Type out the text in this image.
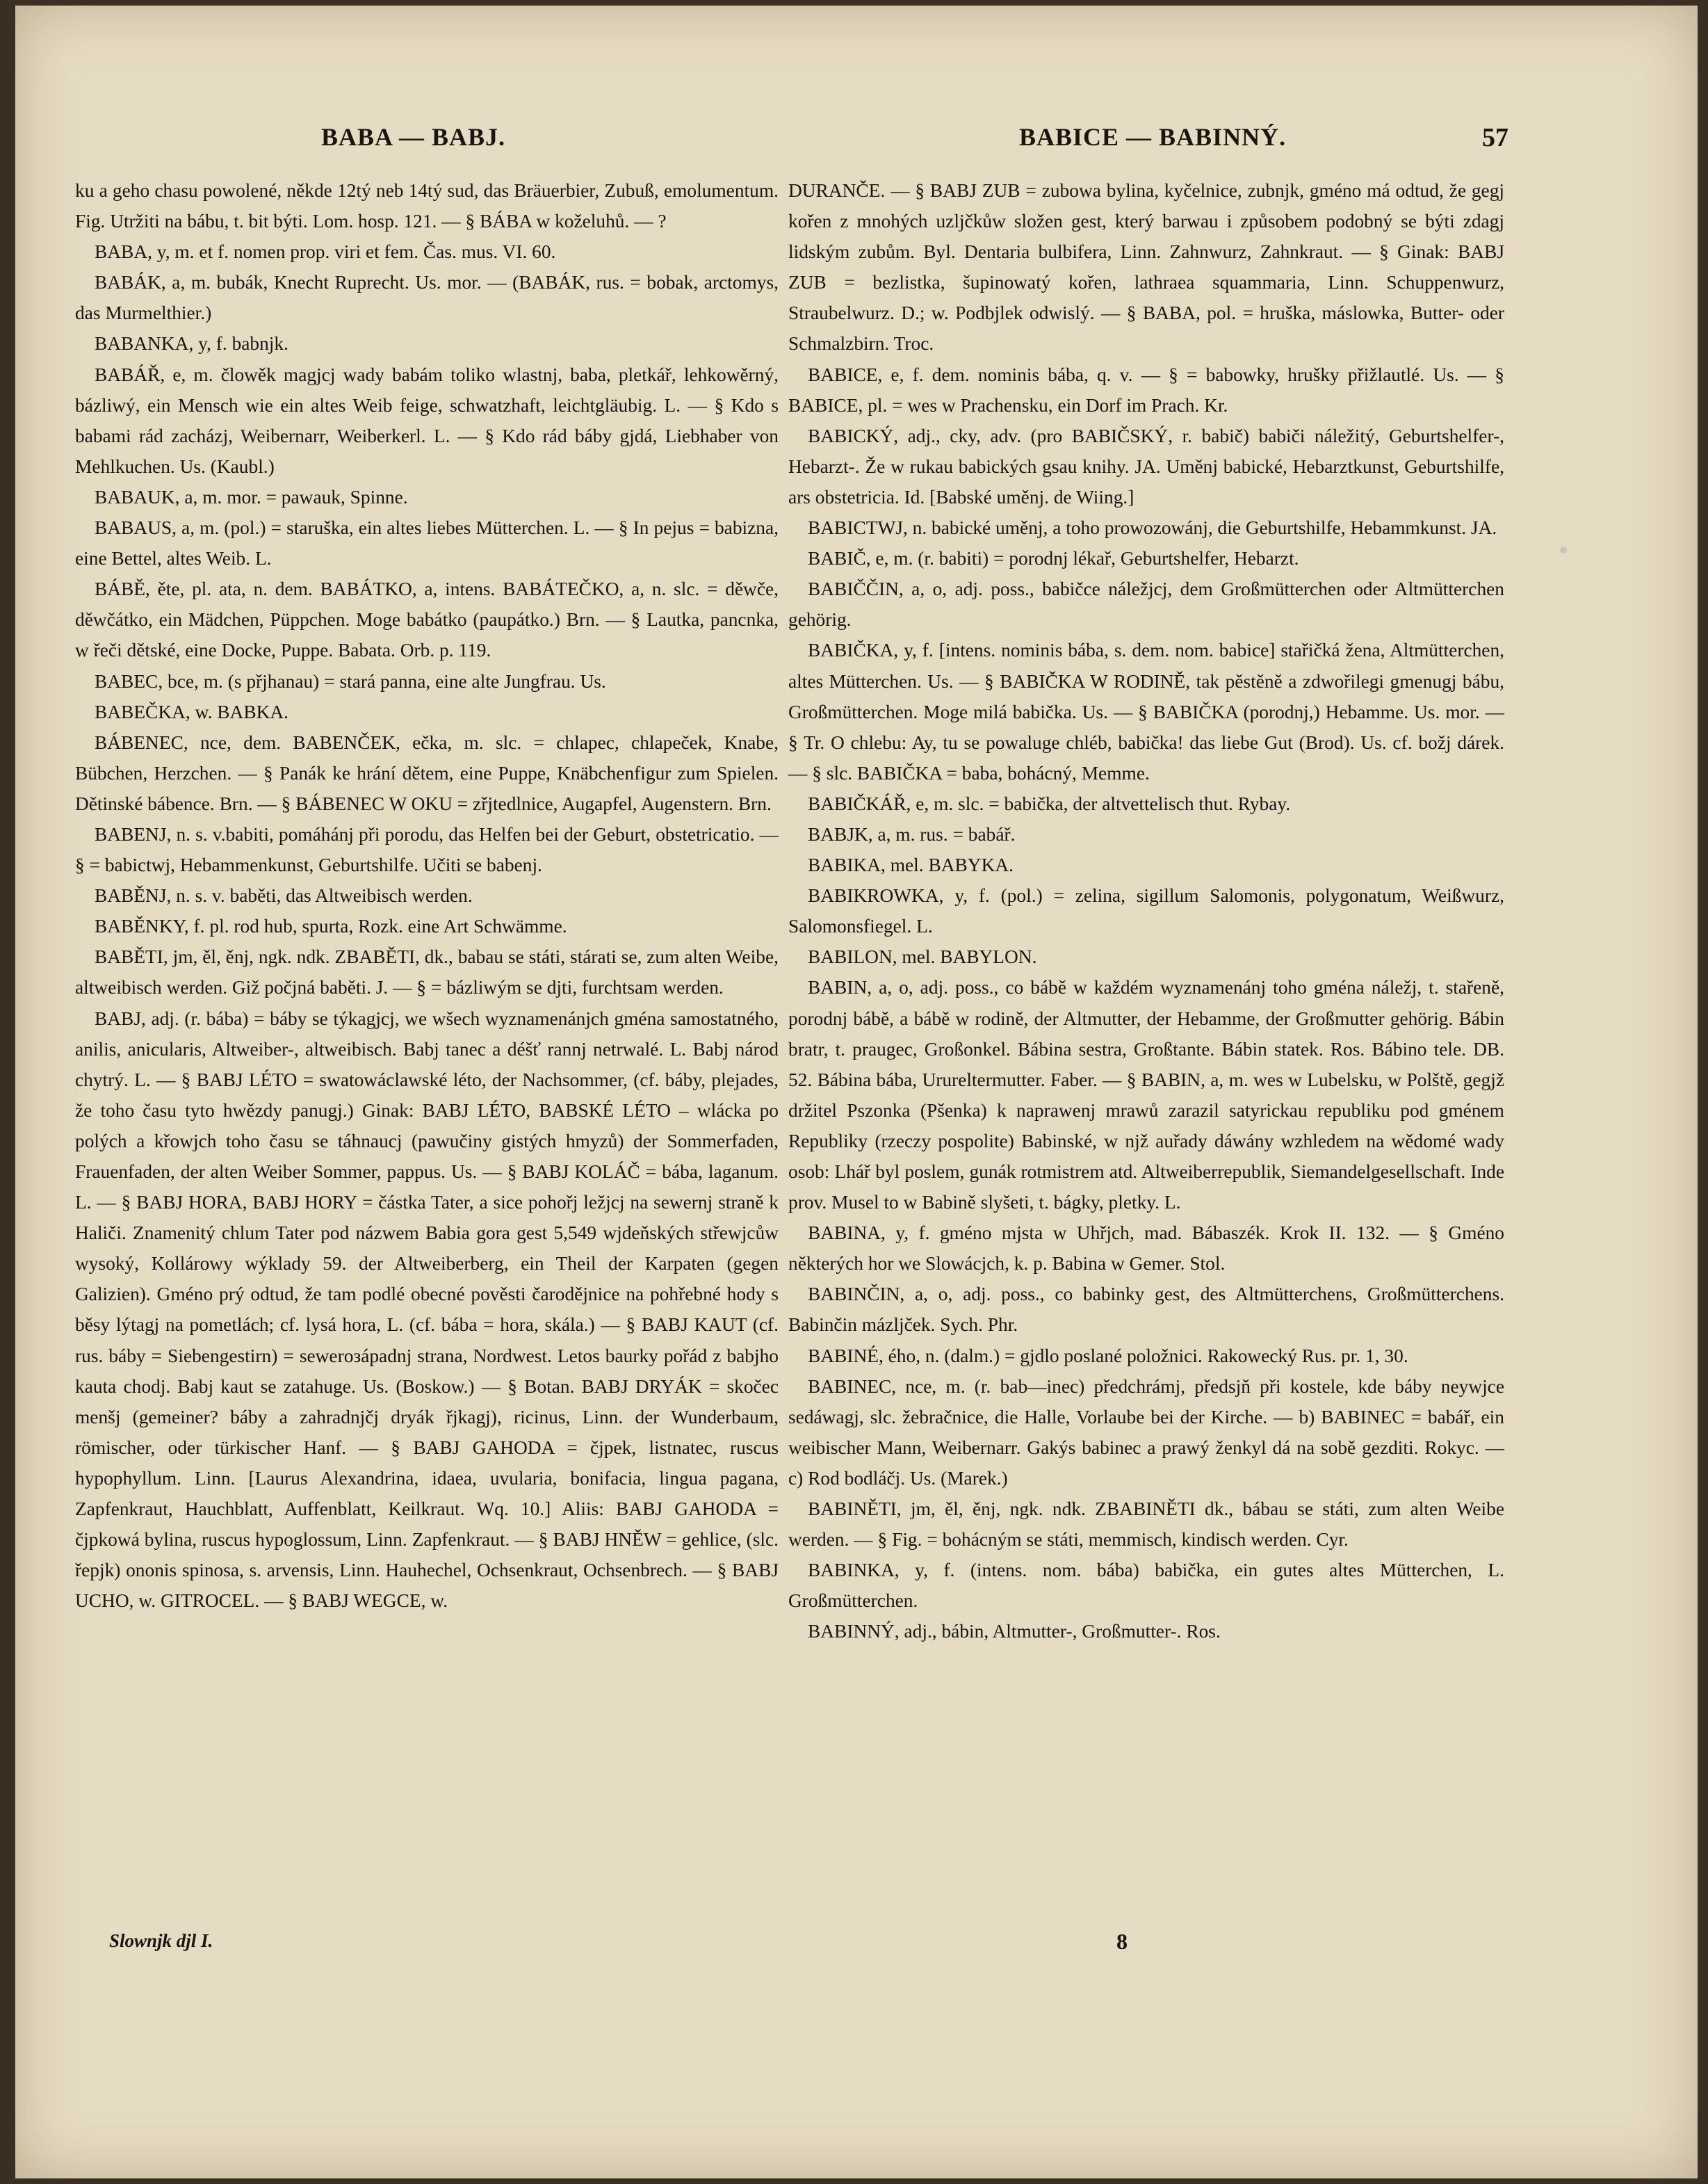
BABA — BABJ.	BABICE — BABINNÝ.	57

ku a geho chasu powolené, někde 12tý neb 14tý sud, das Bräuerbier, Zubuß, emolumentum. Fig. Utržiti na bábu, t. bit býti. Lom. hosp. 121. — § BÁBA w koželuhů. — ?

BABA, y, m. et f. nomen prop. viri et fem. Čas. mus. VI. 60.

BABÁK, a, m. bubák, Knecht Ruprecht. Us. mor. — (BABÁK, rus. = bobak, arctomys, das Murmelthier.)

BABANKA, y, f. babnjk.

BABÁŘ, e, m. člowěk magjcj wady babám toliko wlastnj, baba, pletkář, lehkowěrný, bázliwý, ein Mensch wie ein altes Weib feige, schwatzhaft, leichtgläubig. L. — § Kdo s babami rád zacházj, Weibernarr, Weiberkerl. L. — § Kdo rád báby gjdá, Liebhaber von Mehlkuchen. Us. (Kaubl.)

BABAUK, a, m. mor. = pawauk, Spinne.

BABAUS, a, m. (pol.) = staruška, ein altes liebes Mütterchen. L. — § In pejus = babizna, eine Bettel, altes Weib. L.

BÁBĚ, ěte, pl. ata, n. dem. BABÁTKO, a, intens. BABÁTEČKO, a, n. slc. = děwče, děwčátko, ein Mädchen, Püppchen. Moge babátko (paupátko.) Brn. — § Lautka, pancnka, w řeči dětské, eine Docke, Puppe. Babata. Orb. p. 119.

BABEC, bce, m. (s přjhanau) = stará panna, eine alte Jungfrau. Us.

BABEČKA, w. BABKA.

BÁBENEC, nce, dem. BABENČEK, ečka, m. slc. = chlapec, chlapeček, Knabe, Bübchen, Herzchen. — § Panák ke hrání dětem, eine Puppe, Knäbchenfigur zum Spielen. Dětinské bábence. Brn. — § BÁBENEC W OKU = zřjtedlnice, Augapfel, Augenstern. Brn.

BABENJ, n. s. v.babiti, pomáhánj při porodu, das Helfen bei der Geburt, obstetricatio. — § = babictwj, Hebammenkunst, Geburtshilfe. Učiti se babenj.

BABĚNJ, n. s. v. baběti, das Altweibisch werden.

BABĚNKY, f. pl. rod hub, spurta, Rozk. eine Art Schwämme.

BABĚTI, jm, ěl, ěnj, ngk. ndk. ZBABĚTI, dk., babau se státi, stárati se, zum alten Weibe, altweibisch werden. Giž počjná baběti. J. — § = bázliwým se djti, furchtsam werden.

BABJ, adj. (r. bába) = báby se týkagjcj, we wšech wyznamenánjch gména samostatného, anilis, anicularis, Altweiber-, altweibisch. Babj tanec a déšť rannj netrwalé. L. Babj národ chytrý. L. — § BABJ LÉTO = swatowáclawské léto, der Nachsommer, (cf. báby, plejades, že toho času tyto hwězdy panugj.) Ginak: BABJ LÉTO, BABSKÉ LÉTO – wlácka po polých a křowjch toho času se táhnaucj (pawučiny gistých hmyzů) der Sommerfaden, Frauenfaden, der alten Weiber Sommer, pappus. Us. — § BABJ KOLÁČ = bába, laganum. L. — § BABJ HORA, BABJ HORY = částka Tater, a sice pohořj ležjcj na sewernj straně k Haliči. Znamenitý chlum Tater pod názwem Babia gora gest 5,549 wjdeňských střewjcůw wysoký, Kollárowy wýklady 59. der Altweiberberg, ein Theil der Karpaten (gegen Galizien). Gméno prý odtud, že tam podlé obecné pověsti čarodějnice na pohřebné hody s běsy lýtagj na pometlách; cf. lysá hora, L. (cf. bába = hora, skála.) — § BABJ KAUT (cf. rus. báby = Siebengestirn) = seweroзápadnj strana, Nordwest. Letos baurky pořád z babjho kauta chodj. Babj kaut se zatahuge. Us. (Boskow.) — § Botan. BABJ DRYÁK = skočec menšj (gemeiner? báby a zahradnjčj dryák řjkagj), ricinus, Linn. der Wunderbaum, römischer, oder türkischer Hanf. — § BABJ GAHODA = čjpek, listnatec, ruscus hypophyllum. Linn. [Laurus Alexandrina, idaea, uvularia, bonifacia, lingua pagana, Zapfenkraut, Hauchblatt, Auffenblatt, Keilkraut. Wq. 10.] Aliis: BABJ GAHODA = čjpkowá bylina, ruscus hypoglossum, Linn. Zapfenkraut. — § BABJ HNĚW = gehlice, (slc. řepjk) ononis spinosa, s. arvensis, Linn. Hauhechel, Ochsenkraut, Ochsenbrech. — § BABJ UCHO, w. GITROCEL. — § BABJ WEGCE, w.

DURANČE. — § BABJ ZUB = zubowa bylina, kyčelnice, zubnjk, gméno má odtud, že gegj kořen z mnohých uzljčkůw složen gest, který barwau i způsobem podobný se býti zdagj lidským zubům. Byl. Dentaria bulbifera, Linn. Zahnwurz, Zahnkraut. — § Ginak: BABJ ZUB = bezlistka, šupinowatý kořen, lathraea squammaria, Linn. Schuppenwurz, Straubelwurz. D.; w. Podbjlek odwislý. — § BABA, pol. = hruška, máslowka, Butter- oder Schmalzbirn. Troc.

BABICE, e, f. dem. nominis bába, q. v. — § = babowky, hrušky přižlautlé. Us. — § BABICE, pl. = wes w Prachensku, ein Dorf im Prach. Kr.

BABICKÝ, adj., cky, adv. (pro BABIČSKÝ, r. babič) babiči náležitý, Geburtshelfer-, Hebarzt-. Že w rukau babických gsau knihy. JA. Uměnj babické, Hebarztkunst, Geburtshilfe, ars obstetricia. Id. [Babské uměnj. de Wiing.]

BABICTWJ, n. babické uměnj, a toho prowozowánj, die Geburtshilfe, Hebammkunst. JA.

BABIČ, e, m. (r. babiti) = porodnj lékař, Geburtshelfer, Hebarzt.

BABIČČIN, a, o, adj. poss., babičce náležjcj, dem Großmütterchen oder Altmütterchen gehörig.

BABIČKA, y, f. [intens. nominis bába, s. dem. nom. babice] stařičká žena, Altmütterchen, altes Mütterchen. Us. — § BABIČKA W RODINĚ, tak pěstěně a zdwořilegi gmenugj bábu, Großmütterchen. Moge milá babička. Us. — § BABIČKA (porodnj,) Hebamme. Us. mor. — § Tr. O chlebu: Ay, tu se powaluge chléb, babička! das liebe Gut (Brod). Us. cf. božj dárek. — § slc. BABIČKA = baba, bohácný, Memme.

BABIČKÁŘ, e, m. slc. = babička, der altvettelisch thut. Rybay.

BABJK, a, m. rus. = babář.

BABIKA, mel. BABYKA.

BABIKROWKA, y, f. (pol.) = zelina, sigillum Salomonis, polygonatum, Weißwurz, Salomonsfiegel. L.

BABILON, mel. BABYLON.

BABIN, a, o, adj. poss., co bábě w každém wyznamenánj toho gména náležj, t. stařeně, porodnj bábě, a bábě w rodině, der Altmutter, der Hebamme, der Großmutter gehörig. Bábin bratr, t. praugec, Großonkel. Bábina sestra, Großtante. Bábin statek. Ros. Bábino tele. DB. 52. Bábina bába, Urureltermutter. Faber. — § BABIN, a, m. wes w Lubelsku, w Polště, gegjž držitel Pszonka (Pšenka) k naprawenj mrawů zarazil satyrickau republiku pod gménem Republiky (rzeczy pospolite) Babinské, w njž auřady dáwány wzhledem na wědomé wady osob: Lhář byl poslem, gunák rotmistrem atd. Altweiberrepublik, Siemandelgesellschaft. Inde prov. Musel to w Babině slyšeti, t. bágky, pletky. L.

BABINA, y, f. gméno mjsta w Uhřjch, mad. Bábaszék. Krok II. 132. — § Gméno některých hor we Slowácjch, k. p. Babina w Gemer. Stol.

BABINČIN, a, o, adj. poss., co babinky gest, des Altmütterchens, Großmütterchens. Babinčin mázljček. Sych. Phr.

BABINÉ, ého, n. (dalm.) = gjdlo poslané položnici. Rakowecký Rus. pr. 1, 30.

BABINEC, nce, m. (r. bab—inec) předchrámj, předsjň při kostele, kde báby neywjce sedáwagj, slc. žebračnice, die Halle, Vorlaube bei der Kirche. — b) BABINEC = babář, ein weibischer Mann, Weibernarr. Gakýs babinec a prawý ženkyl dá na sobě gezditi. Rokyc. — c) Rod bodláčj. Us. (Marek.)

BABINĚTI, jm, ěl, ěnj, ngk. ndk. ZBABINĚTI dk., bábau se státi, zum alten Weibe werden. — § Fig. = bohácným se státi, memmisch, kindisch werden. Cyr.

BABINKA, y, f. (intens. nom. bába) babička, ein gutes altes Mütterchen, L. Großmütterchen.

BABINNÝ, adj., bábin, Altmutter-, Großmutter-. Ros.

Slownjk djl I.	8
